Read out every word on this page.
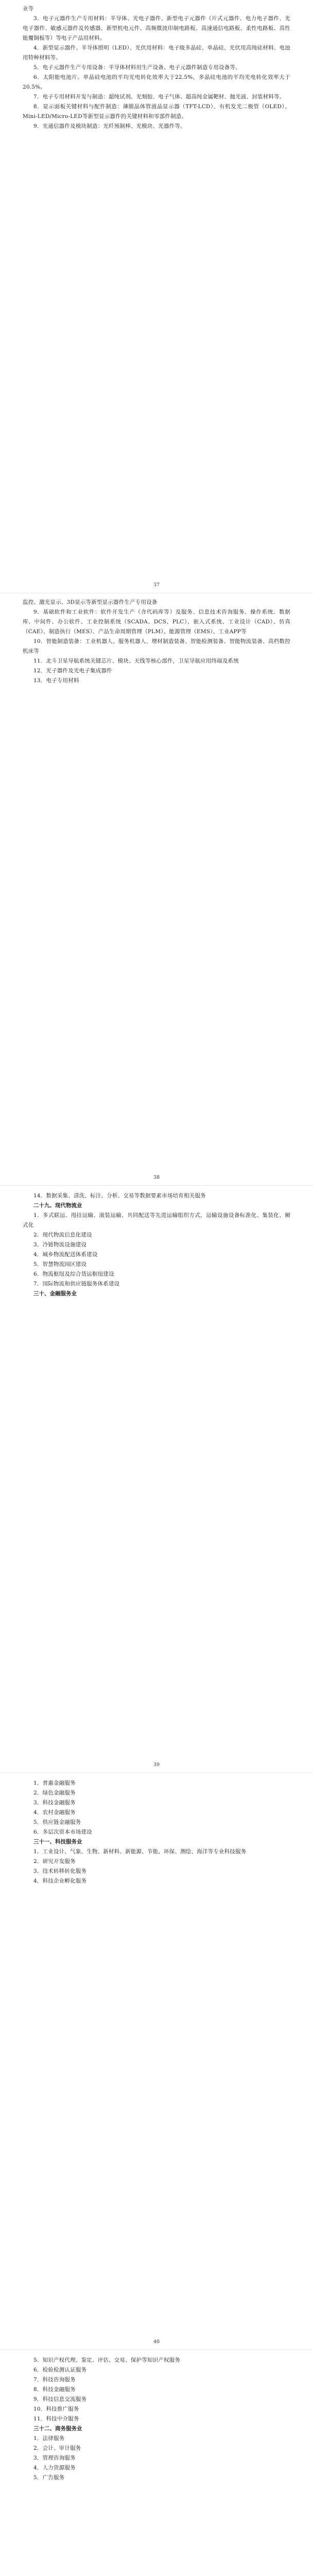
业等

3．电子元器件生产专用材料：半导体、光电子器件、新型电子元器件（片式元器件、电力电子器件、光电子器件、敏感元器件及传感器、新型机电元件、高频微波印制电路板、高速通信电路板、柔性电路板、高性能覆铜板等）等电子产品用材料。

4．新型显示器件、半导体照明（LED）、光伏用材料：电子级多晶硅、单晶硅、光伏用高纯硅材料、电池用特种材料等。

5．电子元器件生产专用设备：半导体材料用生产设备、电子元器件制造专用设备等。

6．太阳能电池片。单晶硅电池的平均光电转化效率大于22.5%，多晶硅电池的平均光电转化效率大于20.5%。

7．电子专用材料开发与制造：超纯试剂、光刻胶、电子气体、超高纯金属靶材、抛光液、封装材料等。

8．显示面板关键材料与配件制造：薄膜晶体管液晶显示器（TFT-LCD）、有机发光二极管（OLED）、Mini-LED/Micro-LED等新型显示器件的关键材料和零部件制造。

9．光通信器件及模块制造：光纤预制棒、光模块、光器件等。

37

监控、激光显示、3D显示等新型显示器件生产专用设备

9．基础软件和工业软件：软件开发生产（含代码库等）及服务、信息技术咨询服务、操作系统、数据库、中间件、办公软件、工业控制系统（SCADA、DCS、PLC）、嵌入式系统、工业设计（CAD）、仿真（CAE）、制造执行（MES）、产品生命周期管理（PLM）、能源管理（EMS）、工业APP等

10．智能制造装备：工业机器人、服务机器人、增材制造装备、智能检测装备、智能物流装备、高档数控机床等

11．北斗卫星导航系统关键芯片、模块、天线等核心部件，卫星导航应用终端及系统

12．光子器件及光电子集成器件

13．电子专用材料

38

14．数据采集、清洗、标注、分析、交易等数据要素市场培育相关服务

二十九、现代物流业

1．多式联运、甩挂运输、滚装运输、共同配送等先进运输组织方式，运输设施设备标准化、集装化、厢式化

2．现代物流信息化建设

3．冷链物流设施建设

4．城乡物流配送体系建设

5．智慧物流园区建设

6．物流枢纽及综合货运枢纽建设

7．国际物流和供应链服务体系建设

三十、金融服务业

39

1．普惠金融服务

2．绿色金融服务

3．科技金融服务

4．农村金融服务

5．供应链金融服务

6．多层次资本市场建设

三十一、科技服务业

1．工业设计、气象、生物、新材料、新能源、节能、环保、测绘、海洋等专业科技服务

2．研究开发服务

3．技术转移转化服务

4．科技企业孵化服务

40

5．知识产权代理、鉴定、评估、交易、保护等知识产权服务

6．检验检测认证服务

7．科技咨询服务

8．科技金融服务

9．科技信息交流服务

10．科技推广服务

11．科技中介服务

三十二、商务服务业

1．法律服务

2．会计、审计服务

3．管理咨询服务

4．人力资源服务

5．广告服务
